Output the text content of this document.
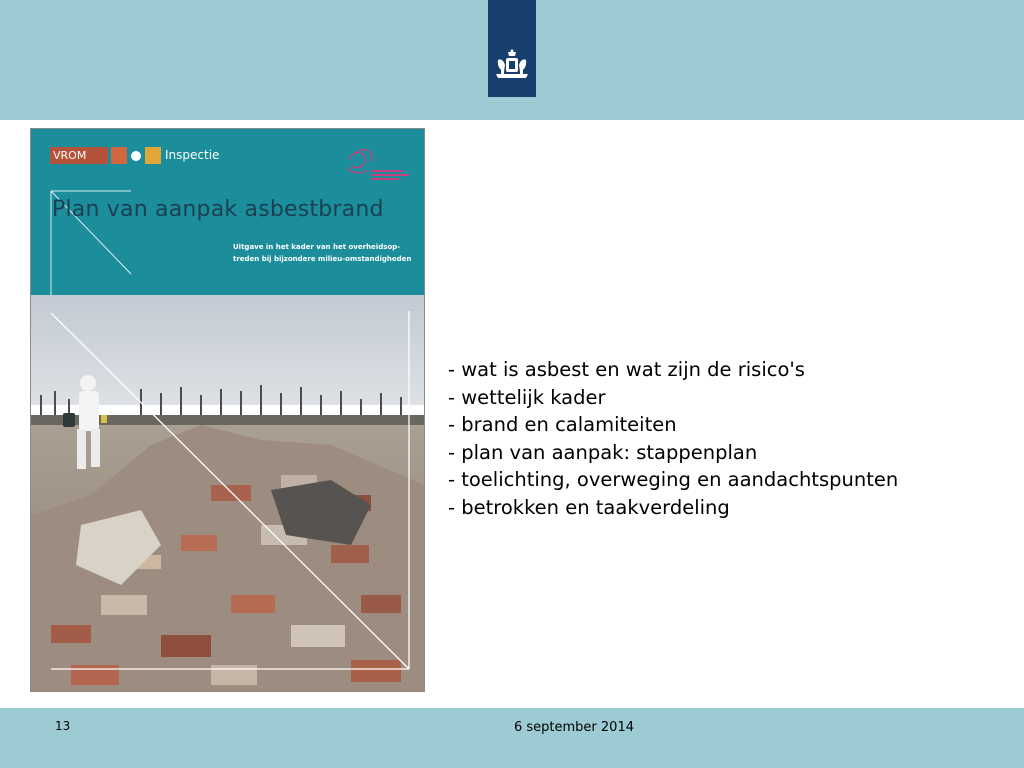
VROM	Inspectie
Plan van aanpak asbestbrand
Uitgave in het kader van het overheidsop-
treden bij bijzondere milieu-omstandigheden
- wat is asbest en wat zijn de risico's
- wettelijk kader
- brand en calamiteiten
- plan van aanpak: stappenplan
- toelichting, overweging en aandachtspunten
- betrokken en taakverdeling
13	6 september 2014
